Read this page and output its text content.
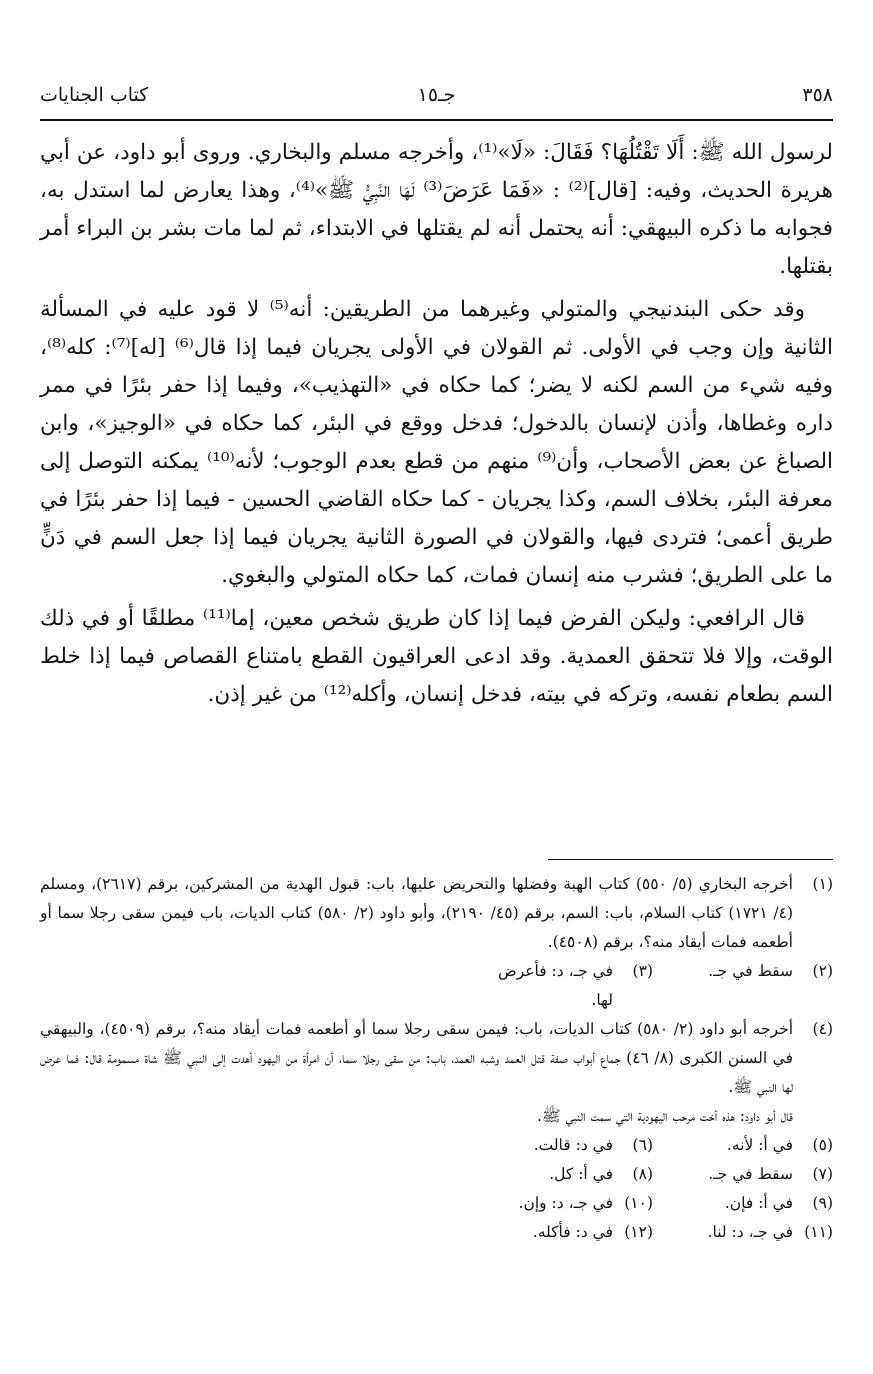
٣٥٨
جـ١٥
كتاب الجنايات

لرسول الله ﷺ: أَلَا تَقْتُلُهَا؟ فَقَالَ: «لَا»⁽¹⁾، وأخرجه مسلم والبخاري. وروى أبو داود، عن أبي هريرة الحديث، وفيه: [قال]⁽²⁾ : «فَمَا عَرَضَ⁽³⁾ لَهَا النَّبِيُّ ﷺ»⁽⁴⁾، وهذا يعارض لما استدل به، فجوابه ما ذكره البيهقي: أنه يحتمل أنه لم يقتلها في الابتداء، ثم لما مات بشر بن البراء أمر بقتلها.

وقد حكى البندنيجي والمتولي وغيرهما من الطريقين: أنه⁽⁵⁾ لا قود عليه في المسألة الثانية وإن وجب في الأولى. ثم القولان في الأولى يجريان فيما إذا قال⁽⁶⁾ [له]⁽⁷⁾: كله⁽⁸⁾، وفيه شيء من السم لكنه لا يضر؛ كما حكاه في «التهذيب»، وفيما إذا حفر بئرًا في ممر داره وغطاها، وأذن لإنسان بالدخول؛ فدخل ووقع في البئر، كما حكاه في «الوجيز»، وابن الصباغ عن بعض الأصحاب، وأن⁽⁹⁾ منهم من قطع بعدم الوجوب؛ لأنه⁽¹⁰⁾ يمكنه التوصل إلى معرفة البئر، بخلاف السم، وكذا يجريان - كما حكاه القاضي الحسين - فيما إذا حفر بئرًا في طريق أعمى؛ فتردى فيها، والقولان في الصورة الثانية يجريان فيما إذا جعل السم في دَنٍّ ما على الطريق؛ فشرب منه إنسان فمات، كما حكاه المتولي والبغوي.

قال الرافعي: وليكن الفرض فيما إذا كان طريق شخص معين، إما⁽¹¹⁾ مطلقًا أو في ذلك الوقت، وإلا فلا تتحقق العمدية. وقد ادعى العراقيون القطع بامتناع القصاص فيما إذا خلط السم بطعام نفسه، وتركه في بيته، فدخل إنسان، وأكله⁽¹²⁾ من غير إذن.

(١)
أخرجه البخاري (٥/ ٥٥٠) كتاب الهبة وفضلها والتحريض عليها، باب: قبول الهدية من المشركين، برقم (٢٦١٧)، ومسلم (٤/ ١٧٢١) كتاب السلام، باب: السم، برقم (٤٥/ ٢١٩٠)، وأبو داود (٢/ ٥٨٠) كتاب الديات، باب فيمن سقى رجلا سما أو أطعمه فمات أيقاد منه؟، برقم (٤٥٠٨).
(٢)
سقط في جـ.
(٣)
في جـ، د: فأعرض لها.
(٤)
أخرجه أبو داود (٢/ ٥٨٠) كتاب الديات، باب: فيمن سقى رجلا سما أو أطعمه فمات أيقاد منه؟، برقم (٤٥٠٩)، والبيهقي في السنن الكبرى (٨/ ٤٦) جماع أبواب صفة قتل العمد وشبه العمد، باب: من سقى رجلا سما، أن امرأة من اليهود أهدت إلى النبي ﷺ شاة مسمومة قال: فما عرض لها النبي ﷺ.
قال أبو داود: هذه أخت مرحب اليهودية التي سمت النبي ﷺ.
(٥)
في أ: لأنه.
(٦)
في د: قالت.
(٧)
سقط في جـ.
(٨)
في أ: كل.
(٩)
في أ: فإن.
(١٠)
في جـ، د: وإن.
(١١)
في جـ، د: لنا.
(١٢)
في د: فأكله.
